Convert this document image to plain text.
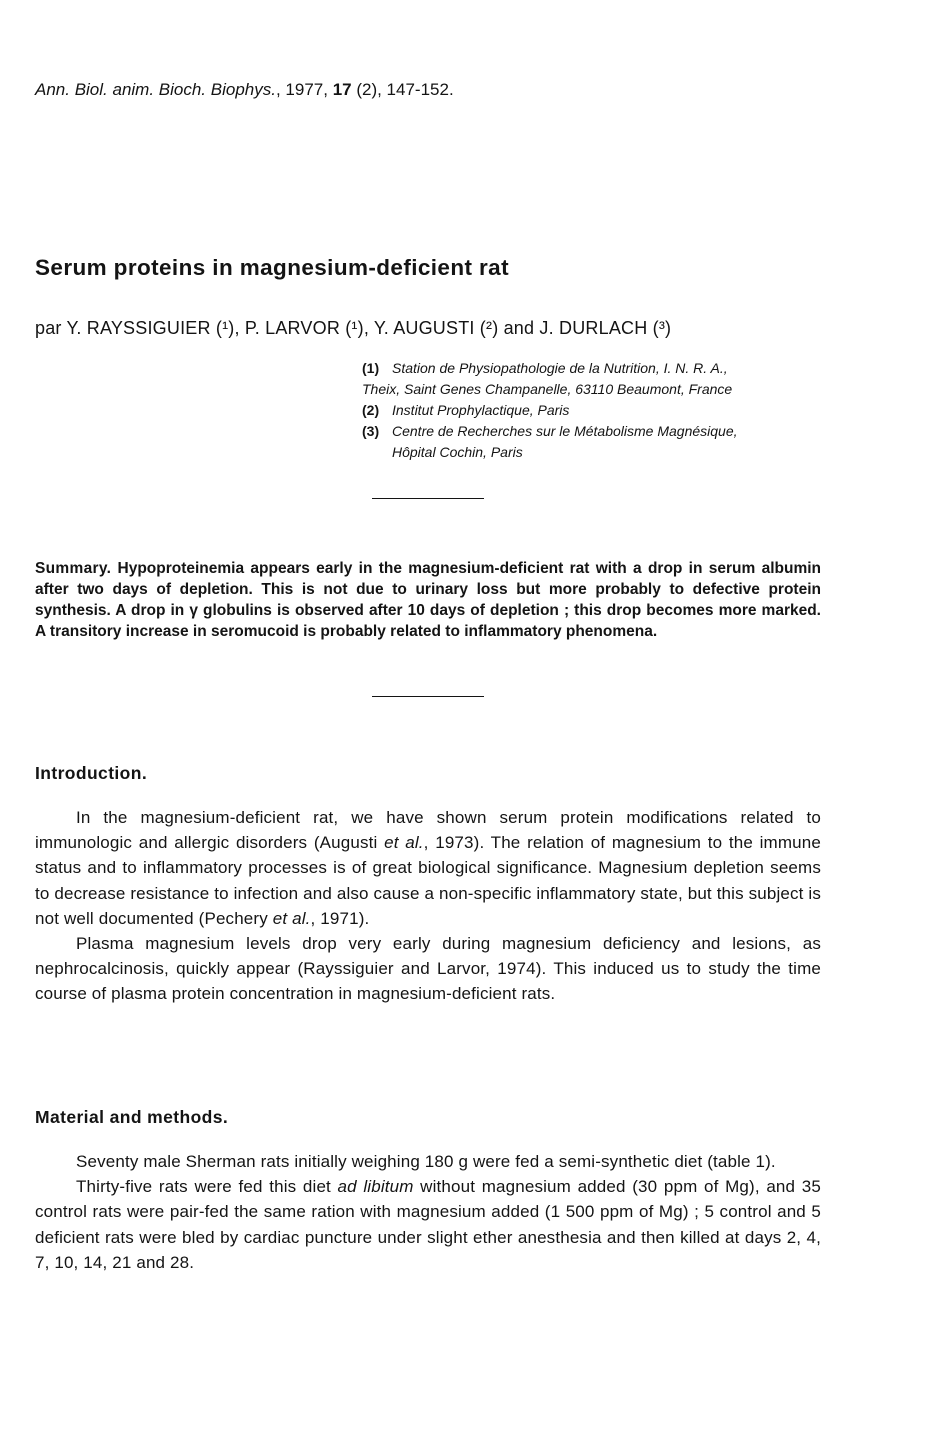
Ann. Biol. anim. Bioch. Biophys., 1977, 17 (2), 147-152.
Serum proteins in magnesium-deficient rat
par Y. RAYSSIGUIER (¹), P. LARVOR (¹), Y. AUGUSTI (²) and J. DURLACH (³)
(1) Station de Physiopathologie de la Nutrition, I. N. R. A.,
Theix, Saint Genes Champanelle, 63110 Beaumont, France
(2) Institut Prophylactique, Paris
(3) Centre de Recherches sur le Métabolisme Magnésique,
Hôpital Cochin, Paris
Summary. Hypoproteinemia appears early in the magnesium-deficient rat with a drop in serum albumin after two days of depletion. This is not due to urinary loss but more probably to defective protein synthesis. A drop in γ globulins is observed after 10 days of depletion ; this drop becomes more marked. A transitory increase in seromucoid is probably related to inflammatory phenomena.
Introduction.

In the magnesium-deficient rat, we have shown serum protein modifications related to immunologic and allergic disorders (Augusti et al., 1973). The relation of magnesium to the immune status and to inflammatory processes is of great biological significance. Magnesium depletion seems to decrease resistance to infection and also cause a non-specific inflammatory state, but this subject is not well documented (Pechery et al., 1971).

Plasma magnesium levels drop very early during magnesium deficiency and lesions, as nephrocalcinosis, quickly appear (Rayssiguier and Larvor, 1974). This induced us to study the time course of plasma protein concentration in magnesium-deficient rats.

Material and methods.

Seventy male Sherman rats initially weighing 180 g were fed a semi-synthetic diet (table 1).

Thirty-five rats were fed this diet ad libitum without magnesium added (30 ppm of Mg), and 35 control rats were pair-fed the same ration with magnesium added (1 500 ppm of Mg) ; 5 control and 5 deficient rats were bled by cardiac puncture under slight ether anesthesia and then killed at days 2, 4, 7, 10, 14, 21 and 28.
